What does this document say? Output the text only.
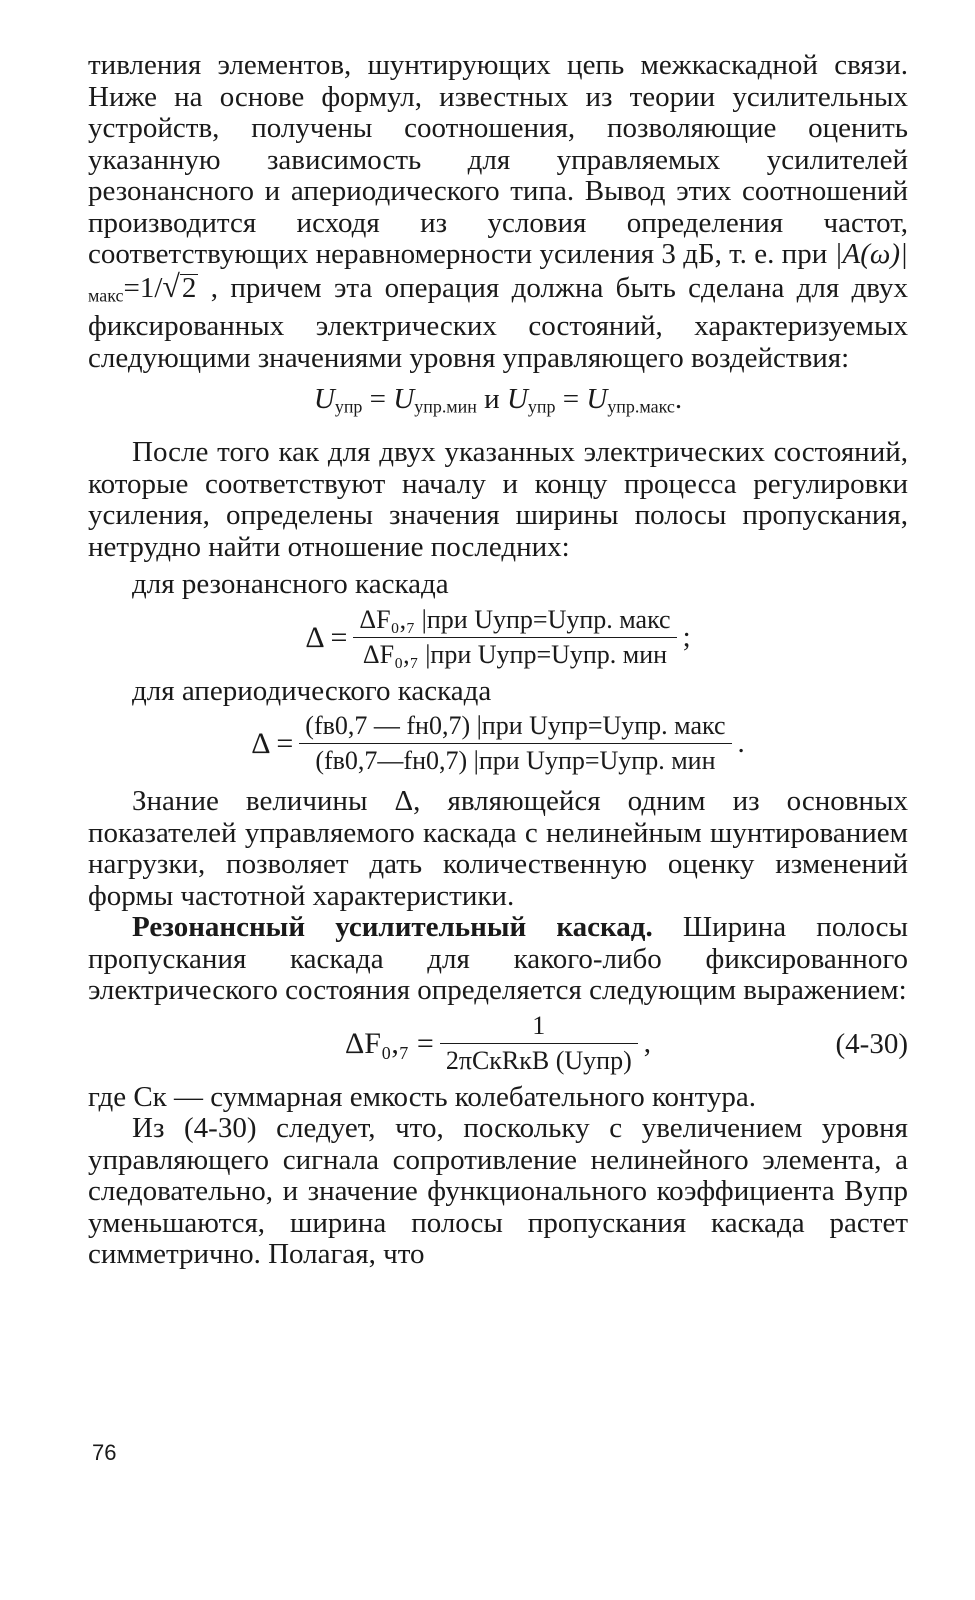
тивления элементов, шунтирующих цепь межкаскадной связи. Ниже на основе формул, известных из теории усилительных устройств, получены соотношения, позволяющие оценить указанную зависимость для управляемых усилителей резонансного и апериодического типа. Вывод этих соотношений производится исходя из условия определения частот, соответствующих неравномерности усиления 3 дБ, т. е. при $|A(\omega)|_{макс}=1/√2$ , причем эта операция должна быть сделана для двух фиксированных электрических состояний, характеризуемых следующими значениями уровня управляющего воздействия:

$U_{упр} = U_{упр.мин}$ и $U_{упр} = U_{упр.макс}$.

После того как для двух указанных электрических состояний, которые соответствуют началу и концу процесса регулировки усиления, определены значения ширины полосы пропускания, нетрудно найти отношение последних:

для резонансного каскада

$\Delta = \frac{\text{ΔF₀,₇ |при Uупр=Uупр. макс}}{\text{ΔF₀,₇ |при Uупр=Uупр. мин}}$ ;

для апериодического каскада

$\Delta = \frac{\text{(fв0,7 — fн0,7) |при Uупр=Uупр. макс}}{\text{(fв0,7—fн0,7) |при Uупр=Uупр. мин}}$ .

Знание величины Δ, являющейся одним из основных показателей управляемого каскада с нелинейным шунтированием нагрузки, позволяет дать количественную оценку изменений формы частотной характеристики.

Резонансный усилительный каскад. Ширина полосы пропускания каскада для какого-либо фиксированного электрического состояния определяется следующим выражением:

$\Delta F_0,_7 = \frac{1}{\text{2πCкRкB (Uупр)}}$ ,	(4-30)

где Cк — суммарная емкость колебательного контура.

Из (4-30) следует, что, поскольку с увеличением уровня управляющего сигнала сопротивление нелинейного элемента, а следовательно, и значение функционального коэффициента Bупр уменьшаются, ширина полосы пропускания каскада растет симметрично. Полагая, что

76
